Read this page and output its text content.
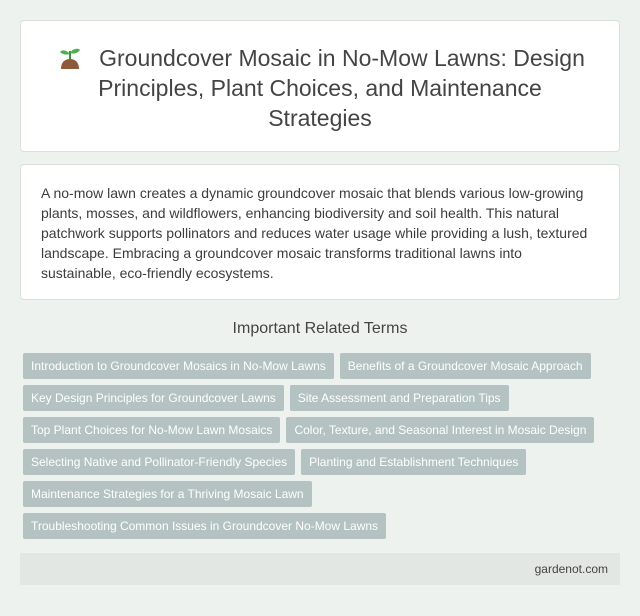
Groundcover Mosaic in No-Mow Lawns: Design Principles, Plant Choices, and Maintenance Strategies

A no-mow lawn creates a dynamic groundcover mosaic that blends various low-growing plants, mosses, and wildflowers, enhancing biodiversity and soil health. This natural patchwork supports pollinators and reduces water usage while providing a lush, textured landscape. Embracing a groundcover mosaic transforms traditional lawns into sustainable, eco-friendly ecosystems.

Important Related Terms
Introduction to Groundcover Mosaics in No-Mow Lawns	Benefits of a Groundcover Mosaic Approach
Key Design Principles for Groundcover Lawns	Site Assessment and Preparation Tips
Top Plant Choices for No-Mow Lawn Mosaics	Color, Texture, and Seasonal Interest in Mosaic Design
Selecting Native and Pollinator-Friendly Species	Planting and Establishment Techniques
Maintenance Strategies for a Thriving Mosaic Lawn
Troubleshooting Common Issues in Groundcover No-Mow Lawns
gardenot.com
